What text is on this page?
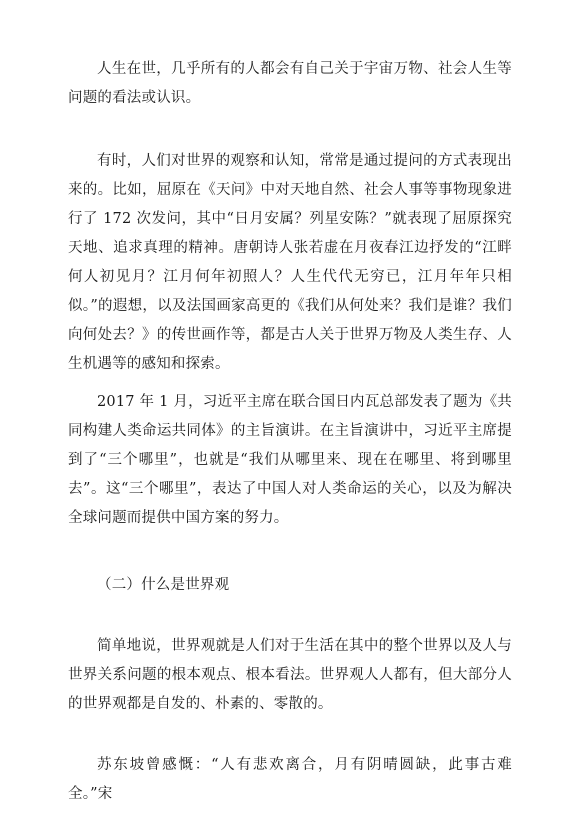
人生在世，几乎所有的人都会有自己关于宇宙万物、社会人生等问题的看法或认识。

有时，人们对世界的观察和认知，常常是通过提问的方式表现出来的。比如，屈原在《天问》中对天地自然、社会人事等事物现象进行了 172 次发问，其中“日月安属？列星安陈？”就表现了屈原探究天地、追求真理的精神。唐朝诗人张若虚在月夜春江边抒发的“江畔何人初见月？江月何年初照人？人生代代无穷已，江月年年只相似。”的遐想，以及法国画家高更的《我们从何处来？我们是谁？我们向何处去？》的传世画作等，都是古人关于世界万物及人类生存、人生机遇等的感知和探索。

2017 年 1 月，习近平主席在联合国日内瓦总部发表了题为《共同构建人类命运共同体》的主旨演讲。在主旨演讲中，习近平主席提到了“三个哪里”，也就是“我们从哪里来、现在在哪里、将到哪里去”。这“三个哪里”，表达了中国人对人类命运的关心，以及为解决全球问题而提供中国方案的努力。

（二）什么是世界观

简单地说，世界观就是人们对于生活在其中的整个世界以及人与世界关系问题的根本观点、根本看法。世界观人人都有，但大部分人的世界观都是自发的、朴素的、零散的。

苏东坡曾感慨：“人有悲欢离合，月有阴晴圆缺，此事古难全。”宋
